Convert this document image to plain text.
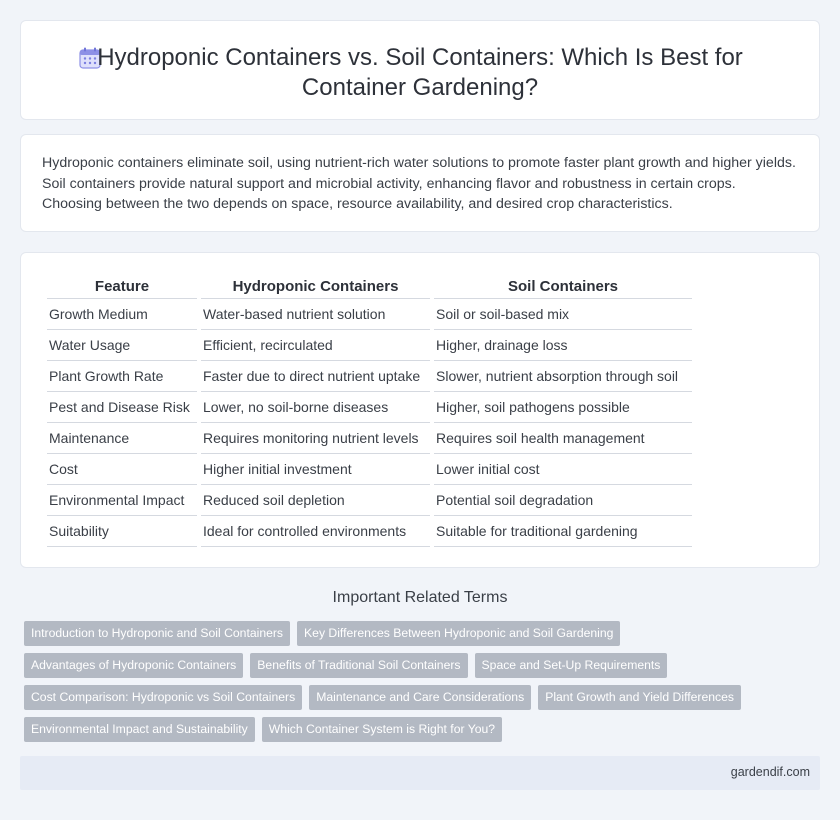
Hydroponic Containers vs. Soil Containers: Which Is Best for Container Gardening?

Hydroponic containers eliminate soil, using nutrient-rich water solutions to promote faster plant growth and higher yields. Soil containers provide natural support and microbial activity, enhancing flavor and robustness in certain crops. Choosing between the two depends on space, resource availability, and desired crop characteristics.

Feature	Hydroponic Containers	Soil Containers
Growth Medium	Water-based nutrient solution	Soil or soil-based mix
Water Usage	Efficient, recirculated	Higher, drainage loss
Plant Growth Rate	Faster due to direct nutrient uptake	Slower, nutrient absorption through soil
Pest and Disease Risk	Lower, no soil-borne diseases	Higher, soil pathogens possible
Maintenance	Requires monitoring nutrient levels	Requires soil health management
Cost	Higher initial investment	Lower initial cost
Environmental Impact	Reduced soil depletion	Potential soil degradation
Suitability	Ideal for controlled environments	Suitable for traditional gardening
Important Related Terms
Introduction to Hydroponic and Soil Containers	Key Differences Between Hydroponic and Soil Gardening
Advantages of Hydroponic Containers	Benefits of Traditional Soil Containers	Space and Set-Up Requirements
Cost Comparison: Hydroponic vs Soil Containers	Maintenance and Care Considerations	Plant Growth and Yield Differences
Environmental Impact and Sustainability	Which Container System is Right for You?
gardendif.com
